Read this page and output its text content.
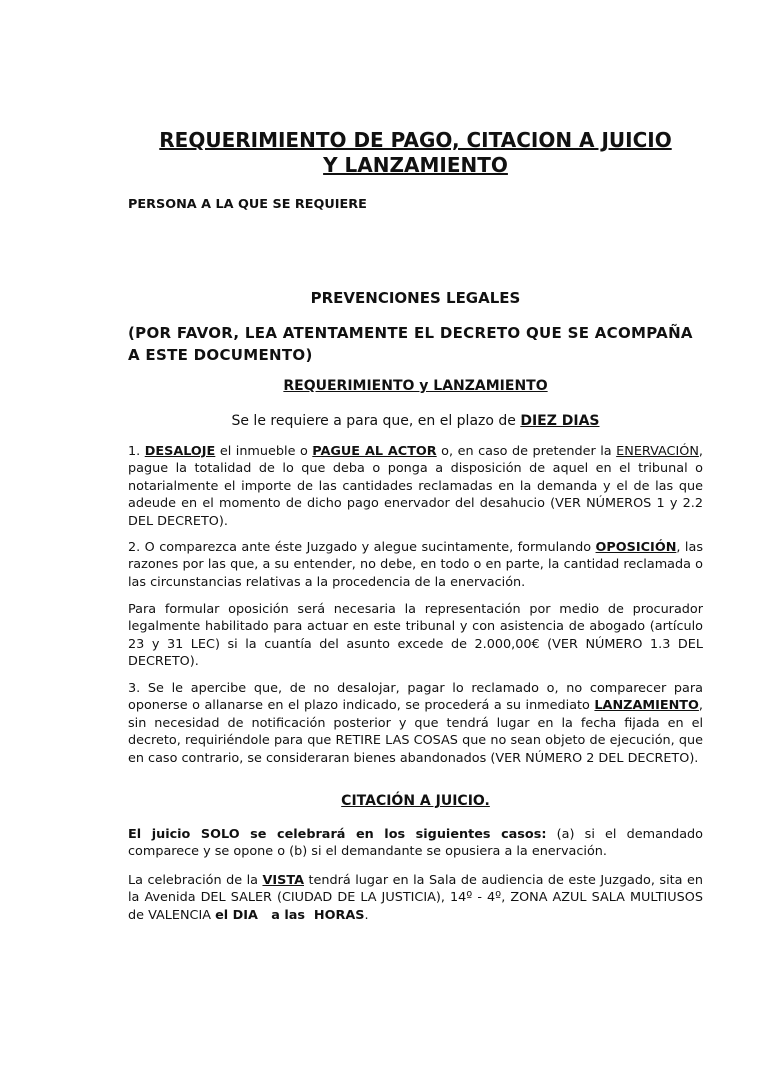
REQUERIMIENTO DE PAGO, CITACION A JUICIO
Y LANZAMIENTO
PERSONA A LA QUE SE REQUIERE
PREVENCIONES LEGALES
(POR FAVOR, LEA ATENTAMENTE EL DECRETO QUE SE ACOMPAÑA
A ESTE DOCUMENTO)
REQUERIMIENTO y LANZAMIENTO
Se le requiere a para que, en el plazo de DIEZ DIAS
1. DESALOJE el inmueble o PAGUE AL ACTOR o, en caso de pretender la ENERVACIÓN, pague la totalidad de lo que deba o ponga a disposición de aquel en el tribunal o notarialmente el importe de las cantidades reclamadas en la demanda y el de las que adeude en el momento de dicho pago enervador del desahucio (VER NÚMEROS 1 y 2.2 DEL DECRETO).
2. O comparezca ante éste Juzgado y alegue sucintamente, formulando OPOSICIÓN, las razones por las que, a su entender, no debe, en todo o en parte, la cantidad reclamada o las circunstancias relativas a la procedencia de la enervación.
Para formular oposición será necesaria la representación por medio de procurador legalmente habilitado para actuar en este tribunal y con asistencia de abogado (artículo 23 y 31 LEC) si la cuantía del asunto excede de 2.000,00€ (VER NÚMERO 1.3 DEL DECRETO).
3. Se le apercibe que, de no desalojar, pagar lo reclamado o, no comparecer para oponerse o allanarse en el plazo indicado, se procederá a su inmediato LANZAMIENTO, sin necesidad de notificación posterior y que tendrá lugar en la fecha fijada en el decreto, requiriéndole para que RETIRE LAS COSAS que no sean objeto de ejecución, que en caso contrario, se consideraran bienes abandonados (VER NÚMERO 2 DEL DECRETO).
CITACIÓN A JUICIO.
El juicio SOLO se celebrará en los siguientes casos: (a) si el demandado comparece y se opone o (b) si el demandante se opusiera a la enervación.
La celebración de la VISTA tendrá lugar en la Sala de audiencia de este Juzgado, sita en la Avenida DEL SALER (CIUDAD DE LA JUSTICIA), 14º - 4º, ZONA AZUL SALA MULTIUSOS de VALENCIA el DIA   a las  HORAS.
